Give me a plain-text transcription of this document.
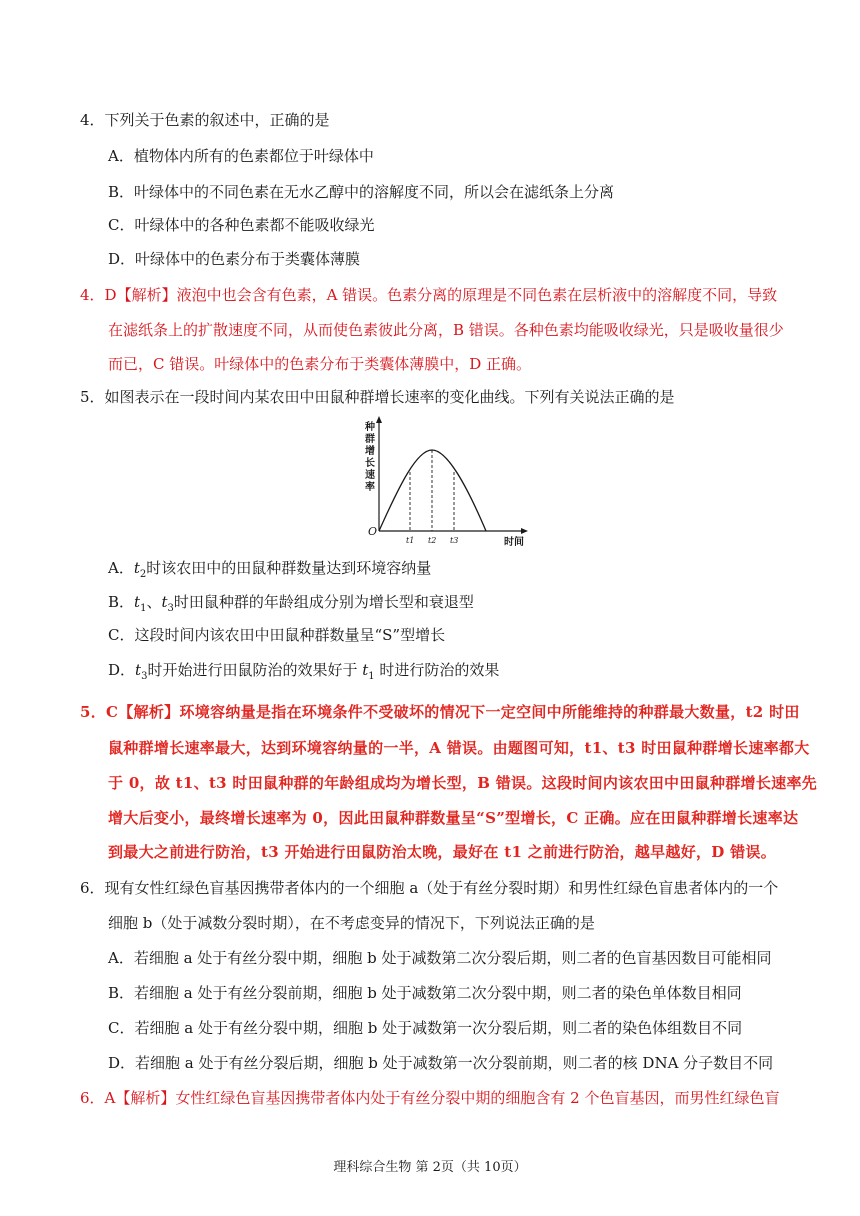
4．下列关于色素的叙述中，正确的是
A．植物体内所有的色素都位于叶绿体中
B．叶绿体中的不同色素在无水乙醇中的溶解度不同，所以会在滤纸条上分离
C．叶绿体中的各种色素都不能吸收绿光
D．叶绿体中的色素分布于类囊体薄膜
4．D【解析】液泡中也会含有色素，A 错误。色素分离的原理是不同色素在层析液中的溶解度不同，导致
在滤纸条上的扩散速度不同，从而使色素彼此分离，B 错误。各种色素均能吸收绿光，只是吸收量很少
而已，C 错误。叶绿体中的色素分布于类囊体薄膜中，D 正确。
5．如图表示在一段时间内某农田中田鼠种群增长速率的变化曲线。下列有关说法正确的是
种
群
增
长
速
率
O
t1 t2 t3	时间
A．$t_2$时该农田中的田鼠种群数量达到环境容纳量
B．$t_1$、$t_3$时田鼠种群的年龄组成分别为增长型和衰退型
C．这段时间内该农田中田鼠种群数量呈“S”型增长
D．$t_3$时开始进行田鼠防治的效果好于 $t_1$ 时进行防治的效果
5．C【解析】环境容纳量是指在环境条件不受破坏的情况下一定空间中所能维持的种群最大数量，t2 时田
鼠种群增长速率最大，达到环境容纳量的一半，A 错误。由题图可知，t1、t3 时田鼠种群增长速率都大
于 0，故 t1、t3 时田鼠种群的年龄组成均为增长型，B 错误。这段时间内该农田中田鼠种群增长速率先
增大后变小，最终增长速率为 0，因此田鼠种群数量呈“S”型增长，C 正确。应在田鼠种群增长速率达
到最大之前进行防治，t3 开始进行田鼠防治太晚，最好在 t1 之前进行防治，越早越好，D 错误。
6．现有女性红绿色盲基因携带者体内的一个细胞 a（处于有丝分裂时期）和男性红绿色盲患者体内的一个
细胞 b（处于减数分裂时期），在不考虑变异的情况下，下列说法正确的是
A．若细胞 a 处于有丝分裂中期，细胞 b 处于减数第二次分裂后期，则二者的色盲基因数目可能相同
B．若细胞 a 处于有丝分裂前期，细胞 b 处于减数第二次分裂中期，则二者的染色单体数目相同
C．若细胞 a 处于有丝分裂中期，细胞 b 处于减数第一次分裂后期，则二者的染色体组数目不同
D．若细胞 a 处于有丝分裂后期，细胞 b 处于减数第一次分裂前期，则二者的核 DNA 分子数目不同
6．A【解析】女性红绿色盲基因携带者体内处于有丝分裂中期的细胞含有 2 个色盲基因，而男性红绿色盲
理科综合生物 第 2页（共 10页）
